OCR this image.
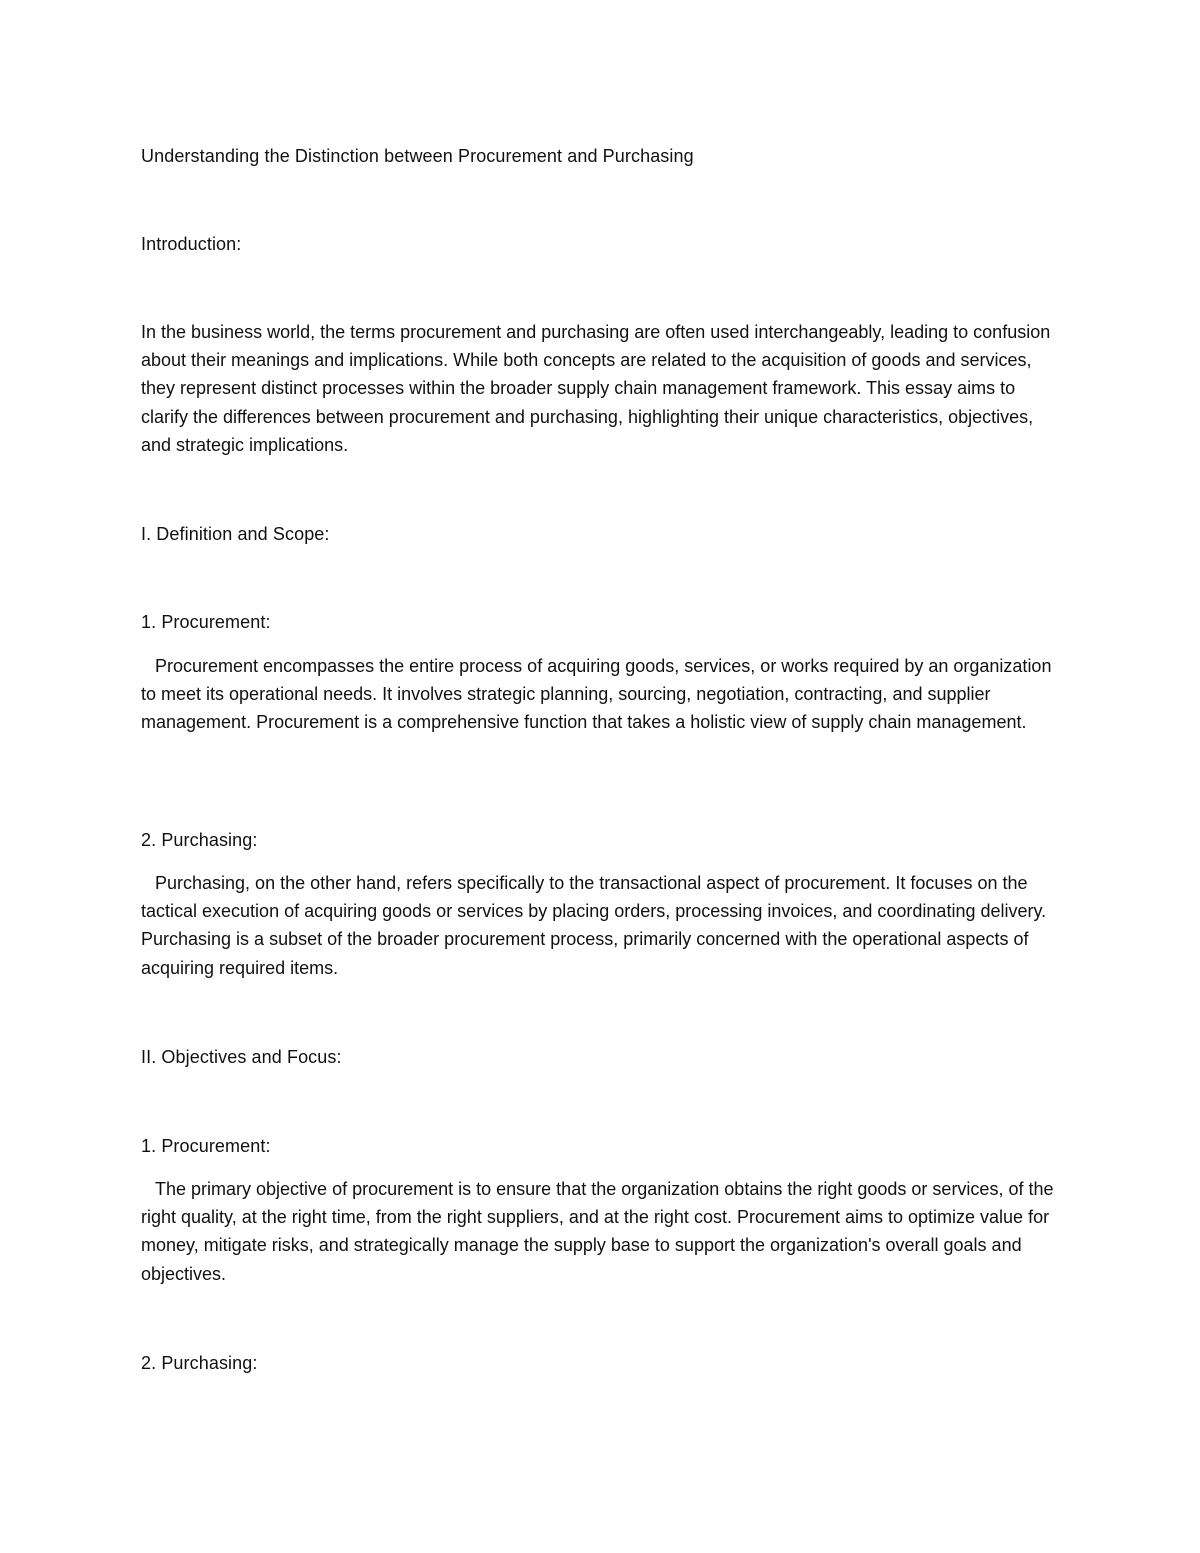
Understanding the Distinction between Procurement and Purchasing
Introduction:

In the business world, the terms procurement and purchasing are often used interchangeably, leading to confusion about their meanings and implications. While both concepts are related to the acquisition of goods and services, they represent distinct processes within the broader supply chain management framework. This essay aims to clarify the differences between procurement and purchasing, highlighting their unique characteristics, objectives, and strategic implications.

I. Definition and Scope:
1. Procurement:

Procurement encompasses the entire process of acquiring goods, services, or works required by an organization to meet its operational needs. It involves strategic planning, sourcing, negotiation, contracting, and supplier management. Procurement is a comprehensive function that takes a holistic view of supply chain management.

2. Purchasing:

Purchasing, on the other hand, refers specifically to the transactional aspect of procurement. It focuses on the tactical execution of acquiring goods or services by placing orders, processing invoices, and coordinating delivery. Purchasing is a subset of the broader procurement process, primarily concerned with the operational aspects of acquiring required items.

II. Objectives and Focus:
1. Procurement:

The primary objective of procurement is to ensure that the organization obtains the right goods or services, of the right quality, at the right time, from the right suppliers, and at the right cost. Procurement aims to optimize value for money, mitigate risks, and strategically manage the supply base to support the organization's overall goals and objectives.

2. Purchasing:
